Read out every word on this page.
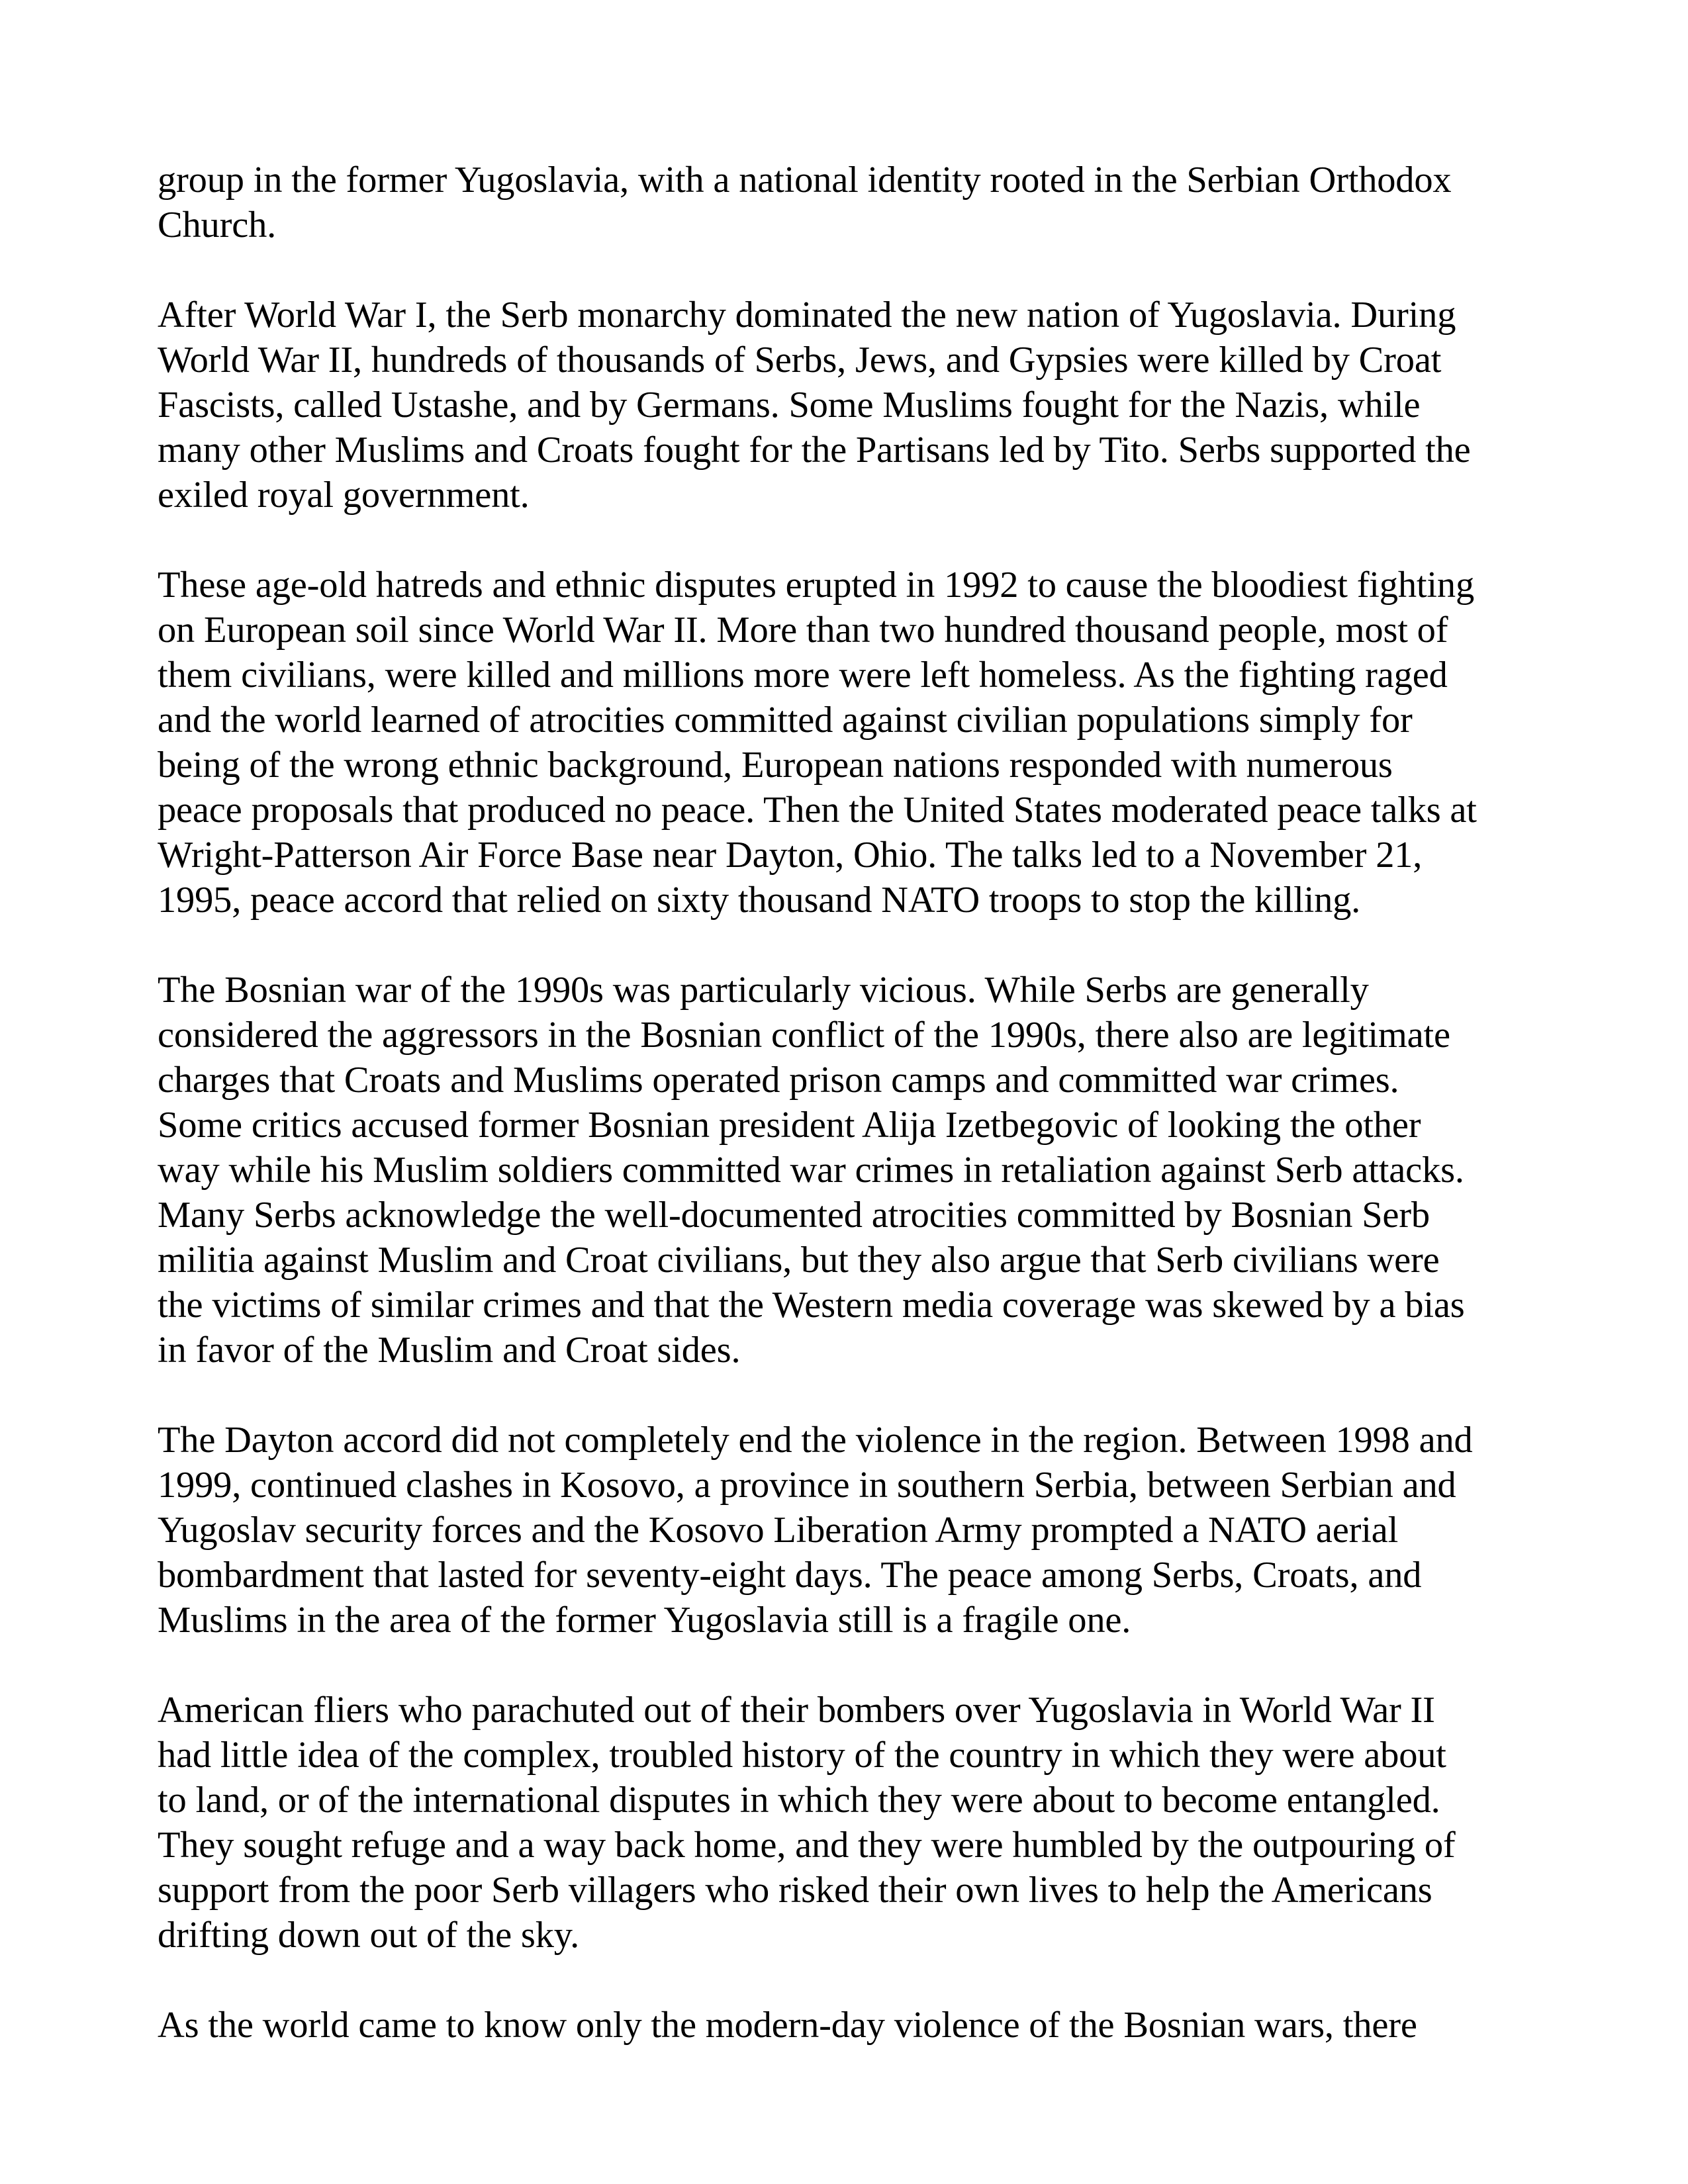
group in the former Yugoslavia, with a national identity rooted in the Serbian Orthodox
Church.

After World War I, the Serb monarchy dominated the new nation of Yugoslavia. During
World War II, hundreds of thousands of Serbs, Jews, and Gypsies were killed by Croat
Fascists, called Ustashe, and by Germans. Some Muslims fought for the Nazis, while
many other Muslims and Croats fought for the Partisans led by Tito. Serbs supported the
exiled royal government.

These age-old hatreds and ethnic disputes erupted in 1992 to cause the bloodiest fighting
on European soil since World War II. More than two hundred thousand people, most of
them civilians, were killed and millions more were left homeless. As the fighting raged
and the world learned of atrocities committed against civilian populations simply for
being of the wrong ethnic background, European nations responded with numerous
peace proposals that produced no peace. Then the United States moderated peace talks at
Wright-Patterson Air Force Base near Dayton, Ohio. The talks led to a November 21,
1995, peace accord that relied on sixty thousand NATO troops to stop the killing.

The Bosnian war of the 1990s was particularly vicious. While Serbs are generally
considered the aggressors in the Bosnian conflict of the 1990s, there also are legitimate
charges that Croats and Muslims operated prison camps and committed war crimes.
Some critics accused former Bosnian president Alija Izetbegovic of looking the other
way while his Muslim soldiers committed war crimes in retaliation against Serb attacks.
Many Serbs acknowledge the well-documented atrocities committed by Bosnian Serb
militia against Muslim and Croat civilians, but they also argue that Serb civilians were
the victims of similar crimes and that the Western media coverage was skewed by a bias
in favor of the Muslim and Croat sides.

The Dayton accord did not completely end the violence in the region. Between 1998 and
1999, continued clashes in Kosovo, a province in southern Serbia, between Serbian and
Yugoslav security forces and the Kosovo Liberation Army prompted a NATO aerial
bombardment that lasted for seventy-eight days. The peace among Serbs, Croats, and
Muslims in the area of the former Yugoslavia still is a fragile one.

American fliers who parachuted out of their bombers over Yugoslavia in World War II
had little idea of the complex, troubled history of the country in which they were about
to land, or of the international disputes in which they were about to become entangled.
They sought refuge and a way back home, and they were humbled by the outpouring of
support from the poor Serb villagers who risked their own lives to help the Americans
drifting down out of the sky.

As the world came to know only the modern-day violence of the Bosnian wars, there
